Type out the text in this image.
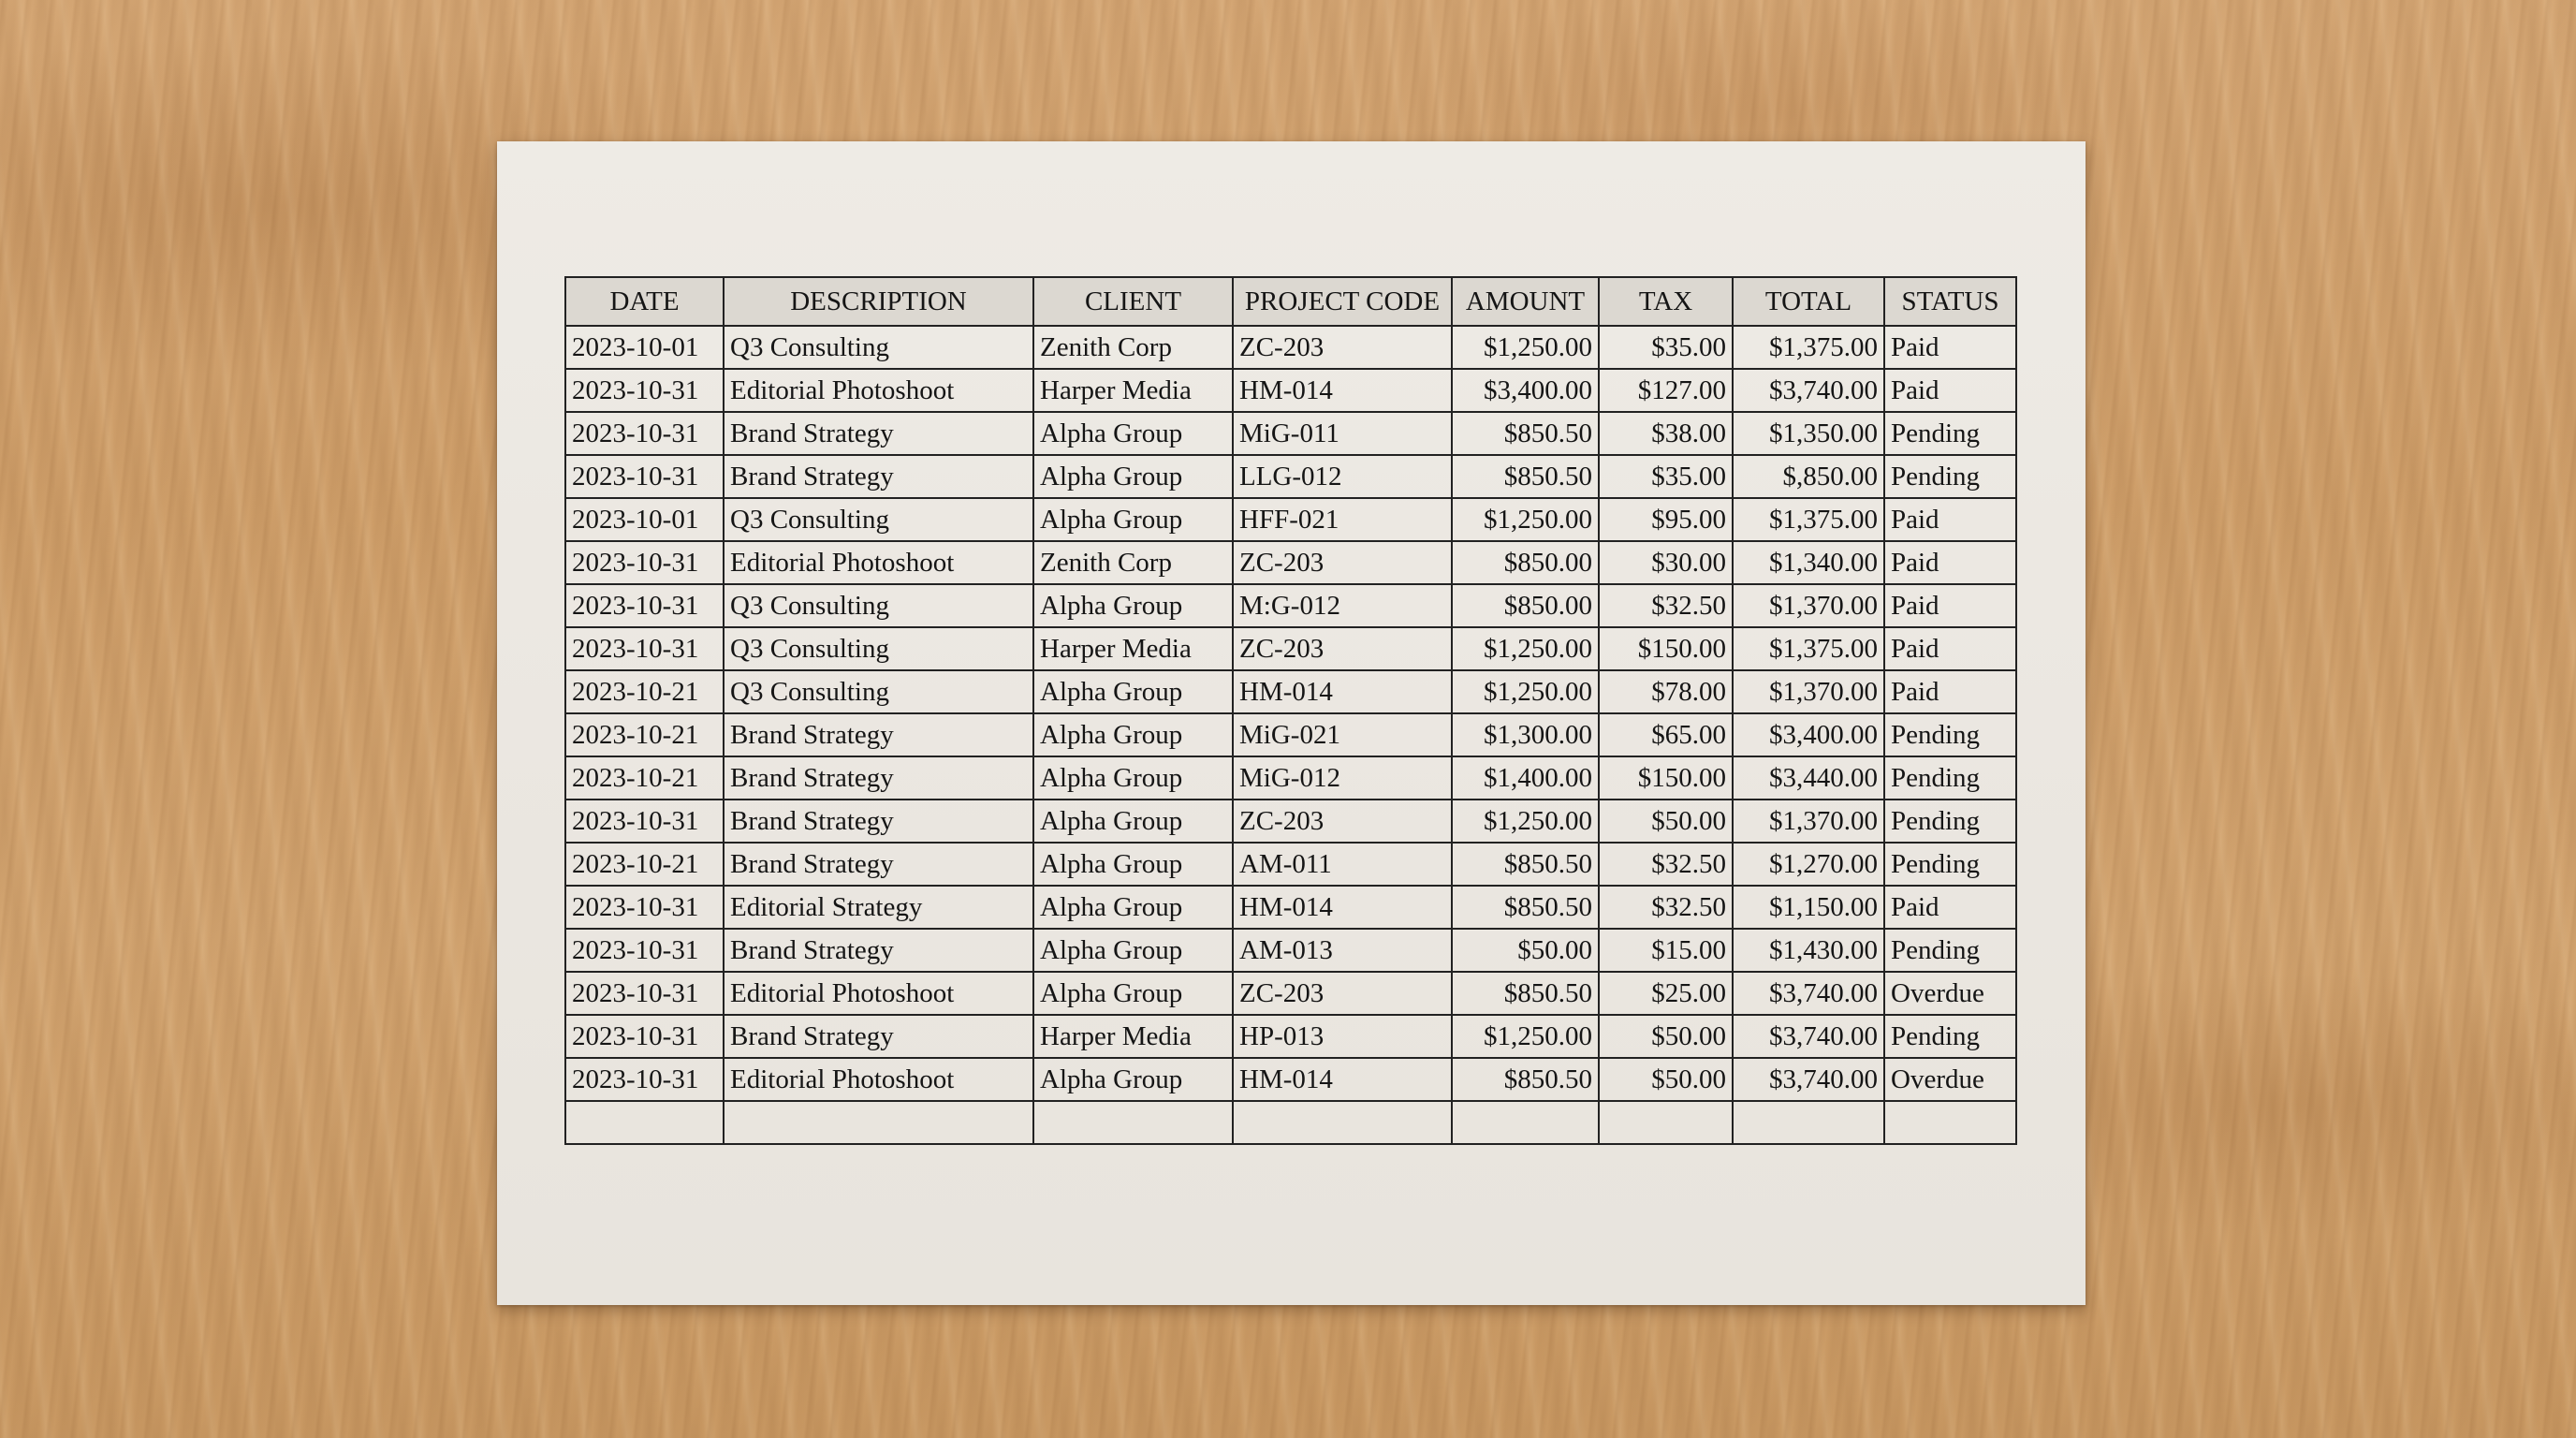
DATE	DESCRIPTION	CLIENT	PROJECT CODE	AMOUNT	TAX	TOTAL	STATUS
2023-10-01	Q3 Consulting	Zenith Corp	ZC-203	$1,250.00	$35.00	$1,375.00	Paid
2023-10-31	Editorial Photoshoot	Harper Media	HM-014	$3,400.00	$127.00	$3,740.00	Paid
2023-10-31	Brand Strategy	Alpha Group	MiG-011	$850.50	$38.00	$1,350.00	Pending
2023-10-31	Brand Strategy	Alpha Group	LLG-012	$850.50	$35.00	$,850.00	Pending
2023-10-01	Q3 Consulting	Alpha Group	HFF-021	$1,250.00	$95.00	$1,375.00	Paid
2023-10-31	Editorial Photoshoot	Zenith Corp	ZC-203	$850.00	$30.00	$1,340.00	Paid
2023-10-31	Q3 Consulting	Alpha Group	M:G-012	$850.00	$32.50	$1,370.00	Paid
2023-10-31	Q3 Consulting	Harper Media	ZC-203	$1,250.00	$150.00	$1,375.00	Paid
2023-10-21	Q3 Consulting	Alpha Group	HM-014	$1,250.00	$78.00	$1,370.00	Paid
2023-10-21	Brand Strategy	Alpha Group	MiG-021	$1,300.00	$65.00	$3,400.00	Pending
2023-10-21	Brand Strategy	Alpha Group	MiG-012	$1,400.00	$150.00	$3,440.00	Pending
2023-10-31	Brand Strategy	Alpha Group	ZC-203	$1,250.00	$50.00	$1,370.00	Pending
2023-10-21	Brand Strategy	Alpha Group	AM-011	$850.50	$32.50	$1,270.00	Pending
2023-10-31	Editorial Strategy	Alpha Group	HM-014	$850.50	$32.50	$1,150.00	Paid
2023-10-31	Brand Strategy	Alpha Group	AM-013	$50.00	$15.00	$1,430.00	Pending
2023-10-31	Editorial Photoshoot	Alpha Group	ZC-203	$850.50	$25.00	$3,740.00	Overdue
2023-10-31	Brand Strategy	Harper Media	HP-013	$1,250.00	$50.00	$3,740.00	Pending
2023-10-31	Editorial Photoshoot	Alpha Group	HM-014	$850.50	$50.00	$3,740.00	Overdue
